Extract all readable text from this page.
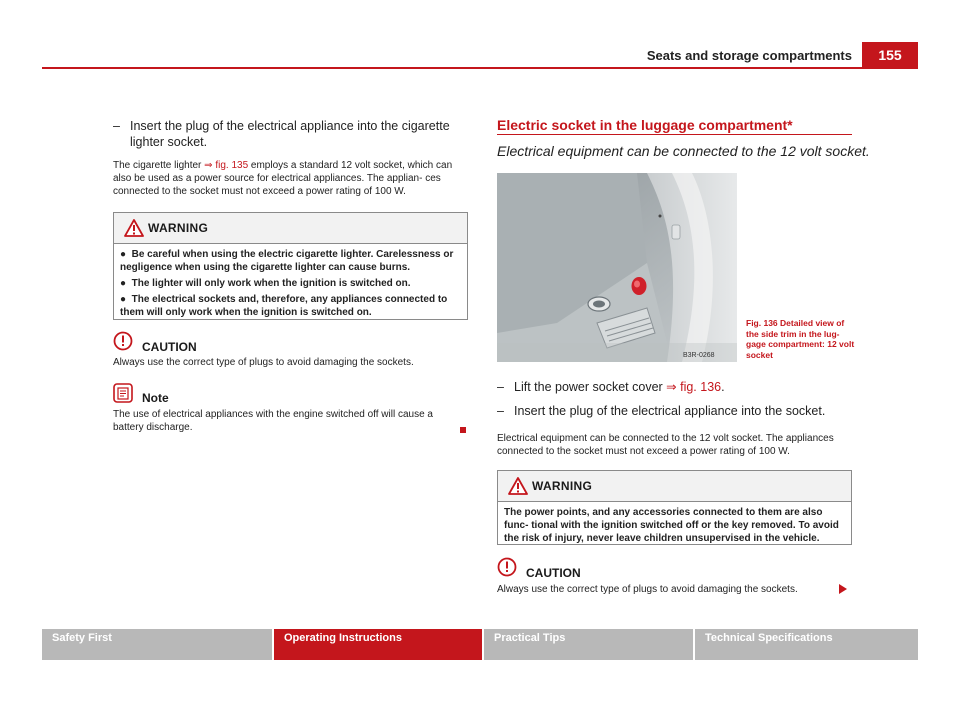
Seats and storage compartments	155
– Insert the plug of the electrical appliance into the cigarette lighter socket.

The cigarette lighter ⇒ fig. 135 employs a standard 12 volt socket, which can also be used as a power source for electrical appliances. The applian- ces connected to the socket must not exceed a power rating of 100 W.

WARNING
●  Be careful when using the electric cigarette lighter. Carelessness or negligence when using the cigarette lighter can cause burns.
●  The lighter will only work when the ignition is switched on.
●  The electrical sockets and, therefore, any appliances connected to them will only work when the ignition is switched on.
CAUTION

Always use the correct type of plugs to avoid damaging the sockets.

Note

The use of electrical appliances with the engine switched off will cause a battery discharge.

Electric socket in the luggage compartment*
Electrical equipment can be connected to the 12 volt socket.
B3R-0268
Fig. 136 Detailed view of the side trim in the lug- gage compartment: 12 volt socket
– Lift the power socket cover ⇒ fig. 136.
– Insert the plug of the electrical appliance into the socket.

Electrical equipment can be connected to the 12 volt socket. The appliances connected to the socket must not exceed a power rating of 100 W.

WARNING
The power points, and any accessories connected to them are also func- tional with the ignition switched off or the key removed. To avoid the risk of injury, never leave children unsupervised in the vehicle.
CAUTION

Always use the correct type of plugs to avoid damaging the sockets.

Safety First	Operating Instructions	Practical Tips	Technical Specifications
